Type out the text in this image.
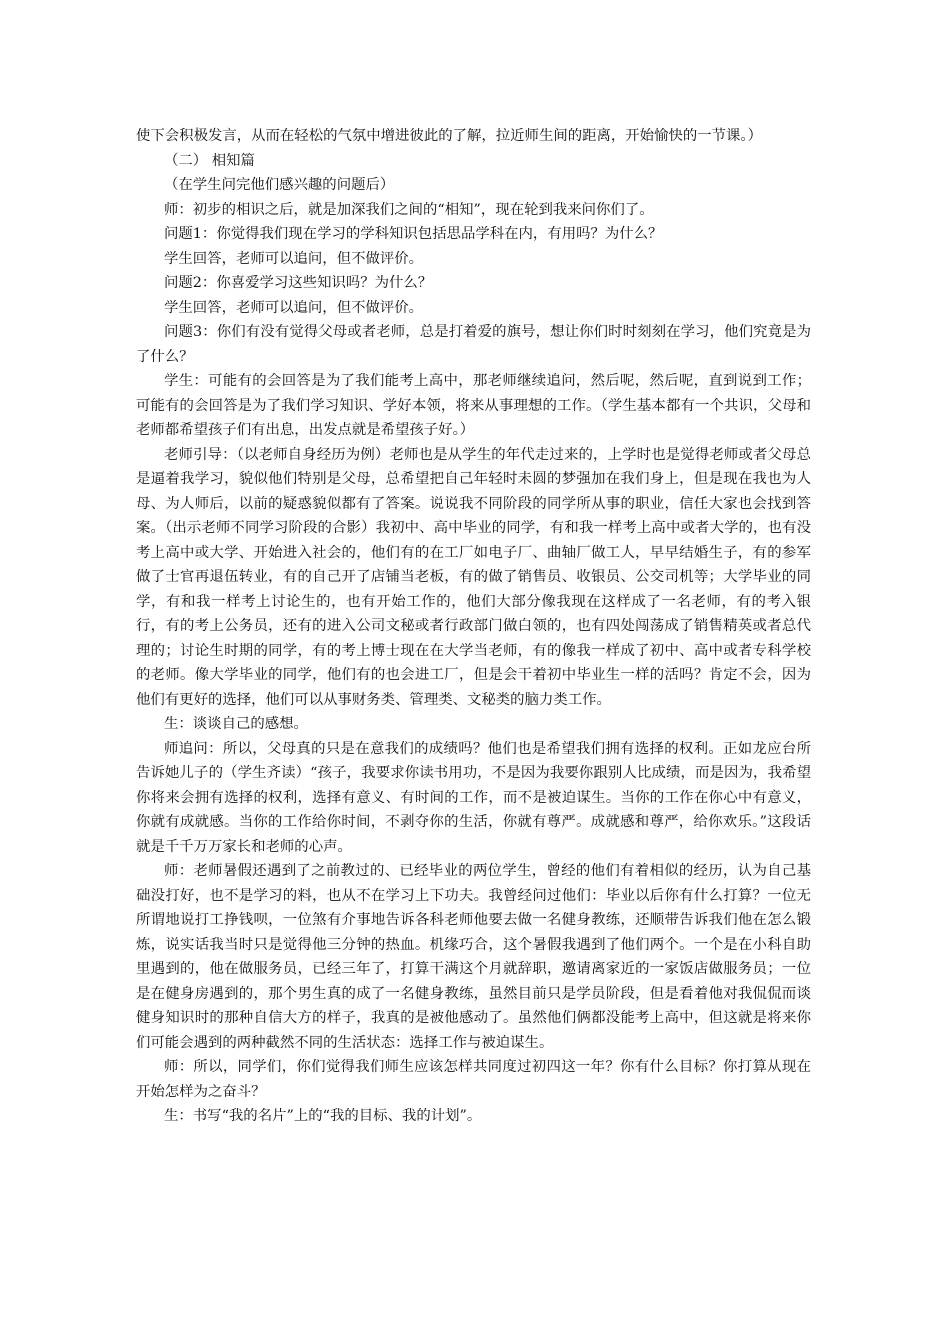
使下会积极发言，从而在轻松的气氛中增进彼此的了解，拉近师生间的距离，开始愉快的一节课。）

（二） 相知篇

（在学生问完他们感兴趣的问题后）

师：初步的相识之后，就是加深我们之间的“相知”，现在轮到我来问你们了。

问题1：你觉得我们现在学习的学科知识包括思品学科在内，有用吗？为什么？

学生回答，老师可以追问，但不做评价。

问题2：你喜爱学习这些知识吗？为什么？

学生回答，老师可以追问，但不做评价。

问题3：你们有没有觉得父母或者老师，总是打着爱的旗号，想让你们时时刻刻在学习，他们究竟是为了什么？

学生：可能有的会回答是为了我们能考上高中，那老师继续追问，然后呢，然后呢，直到说到工作；可能有的会回答是为了我们学习知识、学好本领，将来从事理想的工作。（学生基本都有一个共识，父母和老师都希望孩子们有出息，出发点就是希望孩子好。）

老师引导：（以老师自身经历为例）老师也是从学生的年代走过来的，上学时也是觉得老师或者父母总是逼着我学习，貌似他们特别是父母，总希望把自己年轻时未圆的梦强加在我们身上，但是现在我也为人母、为人师后，以前的疑惑貌似都有了答案。说说我不同阶段的同学所从事的职业，信任大家也会找到答案。（出示老师不同学习阶段的合影）我初中、高中毕业的同学，有和我一样考上高中或者大学的，也有没考上高中或大学、开始进入社会的，他们有的在工厂如电子厂、曲轴厂做工人，早早结婚生子，有的参军做了士官再退伍转业，有的自己开了店铺当老板，有的做了销售员、收银员、公交司机等；大学毕业的同学，有和我一样考上讨论生的，也有开始工作的，他们大部分像我现在这样成了一名老师，有的考入银行，有的考上公务员，还有的进入公司文秘或者行政部门做白领的，也有四处闯荡成了销售精英或者总代理的；讨论生时期的同学，有的考上博士现在在大学当老师，有的像我一样成了初中、高中或者专科学校的老师。像大学毕业的同学，他们有的也会进工厂，但是会干着初中毕业生一样的活吗？肯定不会，因为他们有更好的选择，他们可以从事财务类、管理类、文秘类的脑力类工作。

生：谈谈自己的感想。

师追问：所以，父母真的只是在意我们的成绩吗？他们也是希望我们拥有选择的权利。正如龙应台所告诉她儿子的（学生齐读）“孩子，我要求你读书用功，不是因为我要你跟别人比成绩，而是因为，我希望你将来会拥有选择的权利，选择有意义、有时间的工作，而不是被迫谋生。当你的工作在你心中有意义，你就有成就感。当你的工作给你时间，不剥夺你的生活，你就有尊严。成就感和尊严，给你欢乐。”这段话就是千千万万家长和老师的心声。

师：老师暑假还遇到了之前教过的、已经毕业的两位学生，曾经的他们有着相似的经历，认为自己基础没打好，也不是学习的料，也从不在学习上下功夫。我曾经问过他们：毕业以后你有什么打算？一位无所谓地说打工挣钱呗，一位煞有介事地告诉各科老师他要去做一名健身教练，还顺带告诉我们他在怎么锻炼，说实话我当时只是觉得他三分钟的热血。机缘巧合，这个暑假我遇到了他们两个。一个是在小科自助里遇到的，他在做服务员，已经三年了，打算干满这个月就辞职，邀请离家近的一家饭店做服务员；一位是在健身房遇到的，那个男生真的成了一名健身教练，虽然目前只是学员阶段，但是看着他对我侃侃而谈健身知识时的那种自信大方的样子，我真的是被他感动了。虽然他们俩都没能考上高中，但这就是将来你们可能会遇到的两种截然不同的生活状态：选择工作与被迫谋生。

师：所以，同学们，你们觉得我们师生应该怎样共同度过初四这一年？你有什么目标？你打算从现在开始怎样为之奋斗？

生：书写“我的名片”上的“我的目标、我的计划”。
